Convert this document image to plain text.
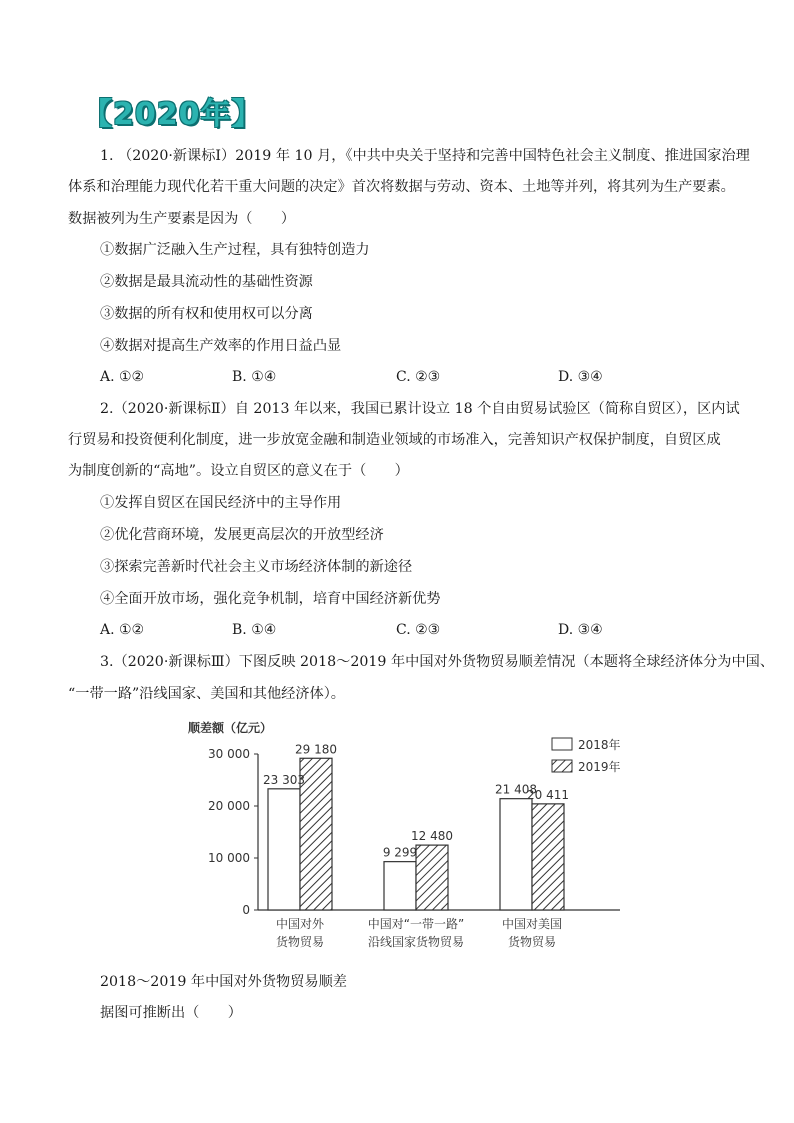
【2020年】
1. （2020·新课标Ⅰ）2019 年 10 月，《中共中央关于坚持和完善中国特色社会主义制度、推进国家治理
体系和治理能力现代化若干重大问题的决定》首次将数据与劳动、资本、土地等并列，将其列为生产要素。
数据被列为生产要素是因为（　　）
①数据广泛融入生产过程，具有独特创造力
②数据是最具流动性的基础性资源
③数据的所有权和使用权可以分离
④数据对提高生产效率的作用日益凸显
A. ①②	B. ①④	C. ②③	D. ③④
2.（2020·新课标Ⅱ）自 2013 年以来，我国已累计设立 18 个自由贸易试验区（简称自贸区），区内试
行贸易和投资便利化制度，进一步放宽金融和制造业领域的市场准入，完善知识产权保护制度，自贸区成
为制度创新的“高地”。设立自贸区的意义在于（　　）
①发挥自贸区在国民经济中的主导作用
②优化营商环境，发展更高层次的开放型经济
③探索完善新时代社会主义市场经济体制的新途径
④全面开放市场，强化竞争机制，培育中国经济新优势
A. ①②	B. ①④	C. ②③	D. ③④
3.（2020·新课标Ⅲ）下图反映 2018～2019 年中国对外货物贸易顺差情况（本题将全球经济体分为中国、
“一带一路”沿线国家、美国和其他经济体）。
顺差额（亿元）
0
10 000
20 000
30 000
23 303
29 180
9 299
12 480
21 408
20 411
中国对外
货物贸易
中国对“一带一路”
沿线国家货物贸易
中国对美国
货物贸易
2018年
2019年
2018～2019 年中国对外货物贸易顺差
据图可推断出（　　）
